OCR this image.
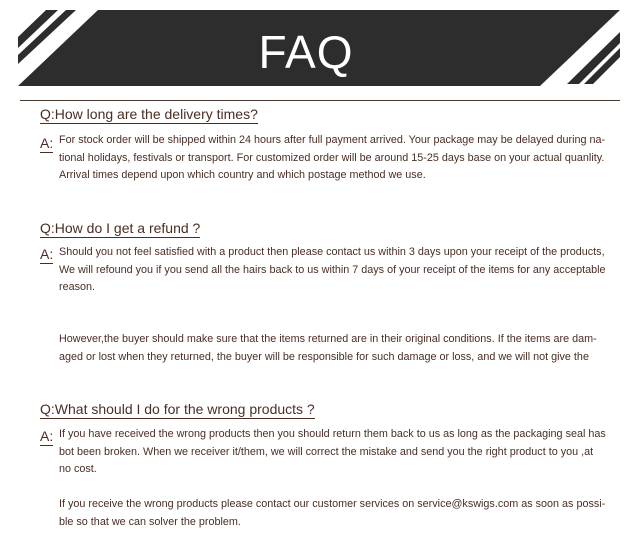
FAQ
Q:How long are the delivery times?
A: For stock order will be shipped within 24 hours after full payment arrived. Your package may be delayed during na-
tional holidays, festivals or transport. For customized order will be around 15-25 days base on your actual quanlity.
Arrival times depend upon which country and which postage method we use.
Q:How do I get a refund ?
A: Should you not feel satisfied with a product then please contact us within 3 days upon your receipt of the products,
We will refound you if you send all the hairs back to us within 7 days of your receipt of the items for any acceptable
reason.
However,the buyer should make sure that the items returned are in their original conditions. If the items are dam-
aged or lost when they returned, the buyer will be responsible for such damage or loss, and we will not give the
Q:What should I do for the wrong products ?
A: If you have received the wrong products then you should return them back to us as long as the packaging seal has
bot been broken. When we receiver it/them, we will correct the mistake and send you the right product to you ,at
no cost.
If you receive the wrong products please contact our customer services on service@kswigs.com as soon as possi-
ble so that we can solver the problem.
